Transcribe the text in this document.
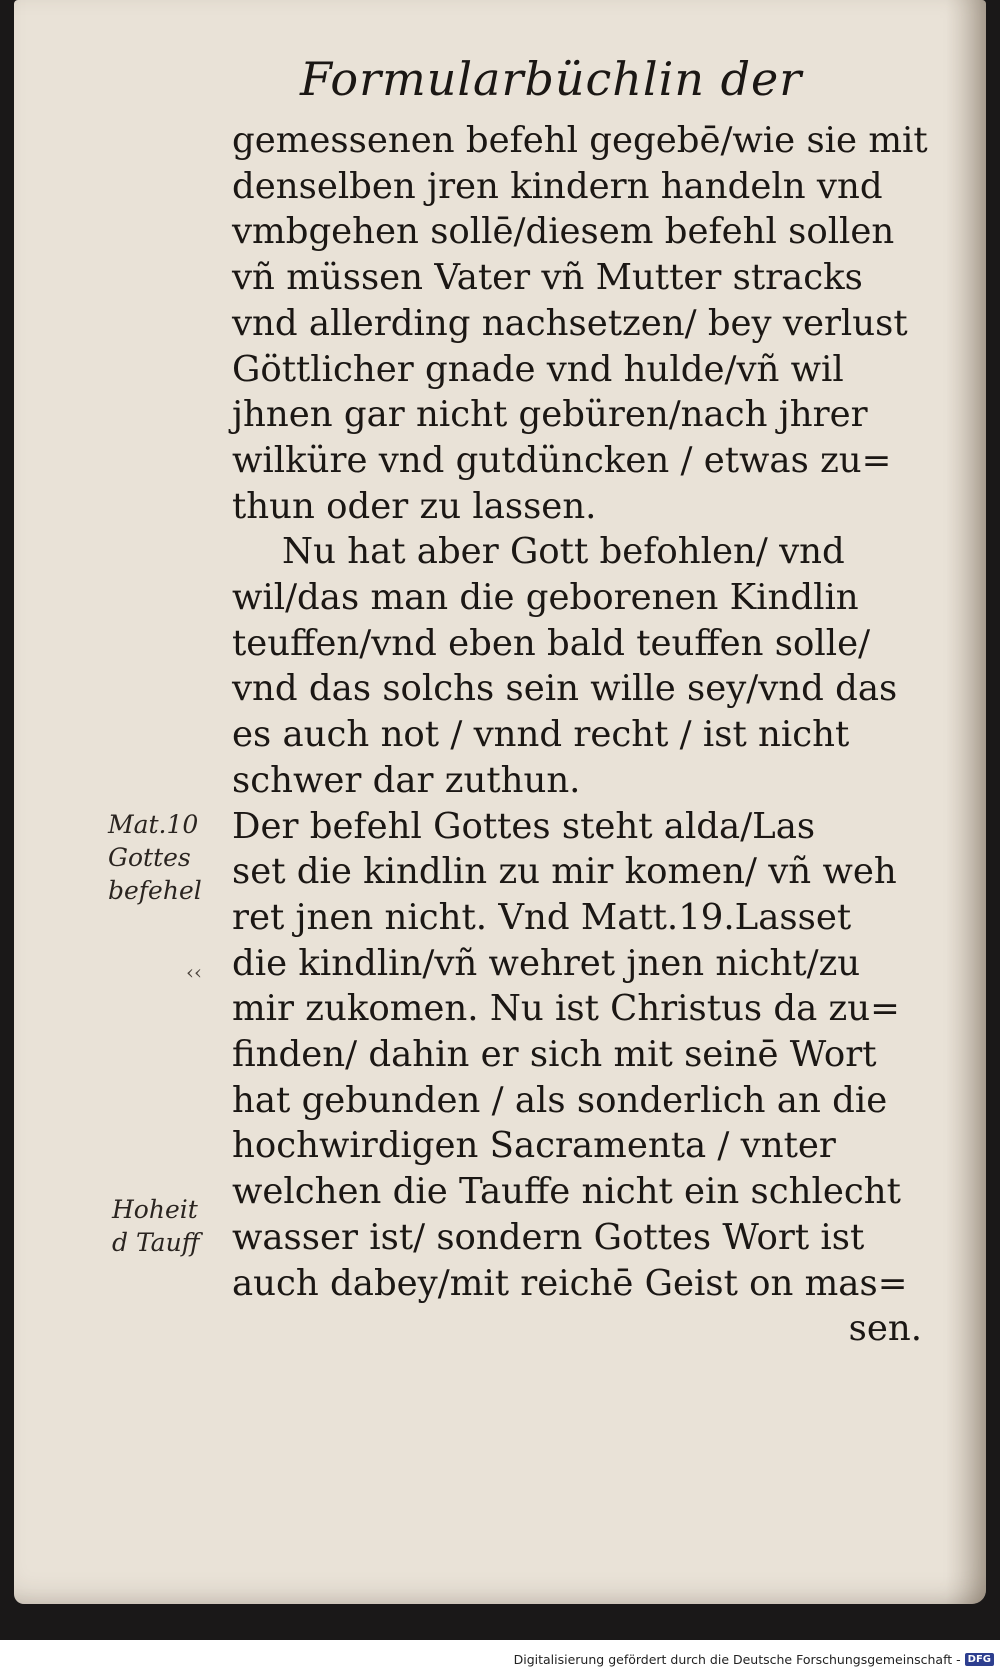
Formularbüchlin der
gemessenen befehl gegebē/wie sie mit
denselben jren kindern handeln vnd
vmbgehen sollē/diesem befehl sollen
vñ müssen Vater vñ Mutter stracks
vnd allerding nachsetzen/ bey verlust
Göttlicher gnade vnd hulde/vñ wil
jhnen gar nicht gebüren/nach jhrer
wilküre vnd gutdüncken / etwas zu=
thun oder zu lassen.
Nu hat aber Gott befohlen/ vnd
wil/das man die geborenen Kindlin
teuffen/vnd eben bald teuffen solle/
vnd das solchs sein wille sey/vnd das
es auch not / vnnd recht / ist nicht
schwer dar zuthun.
Der befehl Gottes steht alda/Las
set die kindlin zu mir komen/ vñ weh
ret jnen nicht. Vnd Matt.19.Lasset
die kindlin/vñ wehret jnen nicht/zu
mir zukomen. Nu ist Christus da zu=
finden/ dahin er sich mit seinē Wort
hat gebunden / als sonderlich an die
hochwirdigen Sacramenta / vnter
welchen die Tauffe nicht ein schlecht
wasser ist/ sondern Gottes Wort ist
auch dabey/mit reichē Geist on mas=
sen.
Mat.10
Gottes
befehel
‹‹
Hoheit
d Tauff
Digitalisierung gefördert durch die Deutsche Forschungsgemeinschaft - DFG
